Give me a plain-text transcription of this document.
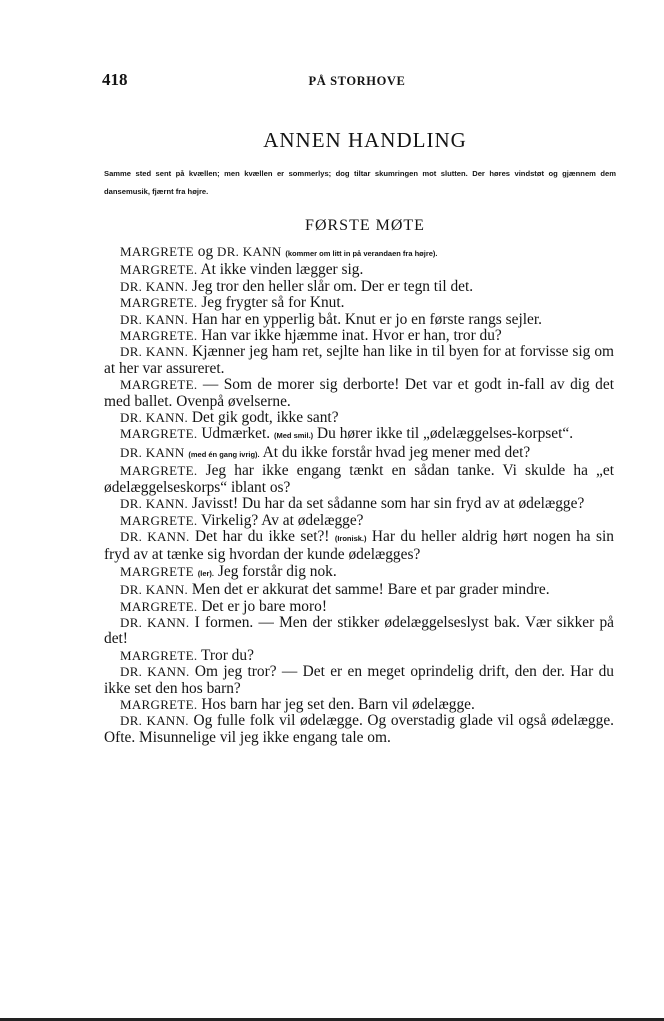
418	PÅ STORHOVE
ANNEN HANDLING
Samme sted sent på kvællen; men kvællen er sommerlys; dog tiltar skumringen mot slutten. Der høres vindstøt og gjænnem dem dansemusik, fjærnt fra højre.
FØRSTE MØTE

MARGRETE og DR. KANN (kommer om litt in på verandaen fra højre).

MARGRETE. At ikke vinden lægger sig.

DR. KANN. Jeg tror den heller slår om. Der er tegn til det.

MARGRETE. Jeg frygter så for Knut.

DR. KANN. Han har en ypperlig båt. Knut er jo en første rangs sejler.

MARGRETE. Han var ikke hjæmme inat. Hvor er han, tror du?

DR. KANN. Kjænner jeg ham ret, sejlte han like in til byen for at forvisse sig om at her var assureret.

MARGRETE. — Som de morer sig derborte! Det var et godt in-fall av dig det med ballet. Ovenpå øvelserne.

DR. KANN. Det gik godt, ikke sant?

MARGRETE. Udmærket. (Med smil.) Du hører ikke til „ødelæggelses-korpset“.

DR. KANN (med én gang ivrig). At du ikke forstår hvad jeg mener med det?

MARGRETE. Jeg har ikke engang tænkt en sådan tanke. Vi skulde ha „et ødelæggelseskorps“ iblant os?

DR. KANN. Javisst! Du har da set sådanne som har sin fryd av at ødelægge?

MARGRETE. Virkelig? Av at ødelægge?

DR. KANN. Det har du ikke set?! (Ironisk.) Har du heller aldrig hørt nogen ha sin fryd av at tænke sig hvordan der kunde ødelægges?

MARGRETE (ler). Jeg forstår dig nok.

DR. KANN. Men det er akkurat det samme! Bare et par grader mindre.

MARGRETE. Det er jo bare moro!

DR. KANN. I formen. — Men der stikker ødelæggelseslyst bak. Vær sikker på det!

MARGRETE. Tror du?

DR. KANN. Om jeg tror? — Det er en meget oprindelig drift, den der. Har du ikke set den hos barn?

MARGRETE. Hos barn har jeg set den. Barn vil ødelægge.

DR. KANN. Og fulle folk vil ødelægge. Og overstadig glade vil også ødelægge. Ofte. Misunnelige vil jeg ikke engang tale om.
